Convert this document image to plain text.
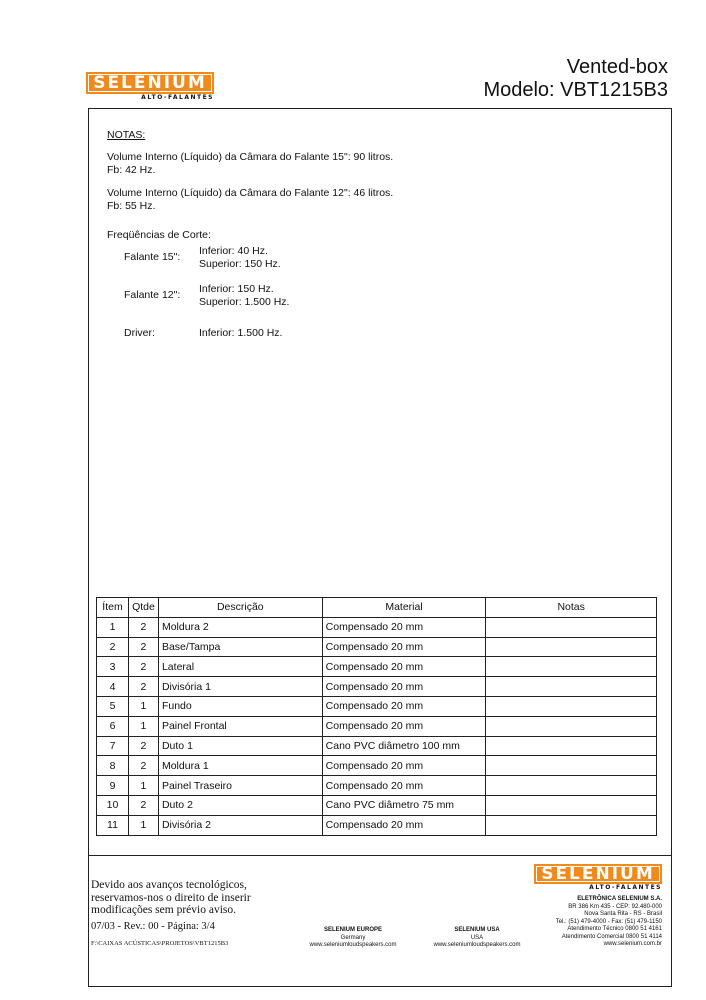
SELENIUM
ALTO-FALANTES
Vented-box
Modelo: VBT1215B3
NOTAS:
Volume Interno (Líquido) da Câmara do Falante 15": 90 litros.
Fb: 42 Hz.
Volume Interno (Líquido) da Câmara do Falante 12": 46 litros.
Fb: 55 Hz.
Freqüências de Corte:
Falante 15": Inferior: 40 Hz.
Superior: 150 Hz.
Falante 12": Inferior: 150 Hz.
Superior: 1.500 Hz.
Driver:	Inferior: 1.500 Hz.
Ítem	Qtde	Descrição	Material	Notas
1	2	Moldura 2	Compensado 20 mm	
2	2	Base/Tampa	Compensado 20 mm	
3	2	Lateral	Compensado 20 mm	
4	2	Divisória 1	Compensado 20 mm	
5	1	Fundo	Compensado 20 mm	
6	1	Painel Frontal	Compensado 20 mm	
7	2	Duto 1	Cano PVC diâmetro 100 mm	
8	2	Moldura 1	Compensado 20 mm	
9	1	Painel Traseiro	Compensado 20 mm	
10	2	Duto 2	Cano PVC diâmetro 75 mm	
11	1	Divisória 2	Compensado 20 mm	
Devido aos avanços tecnológicos,
reservamos-nos o direito de inserir
modificações sem prévio aviso.
07/03 - Rev.: 00 - Página: 3/4
F:\CAIXAS ACÚSTICAS\PROJETOS\VBT1215B3
SELENIUM EUROPE
Germany
www.seleniumloudspeakers.com
SELENIUM USA
USA
www.seleniumloudspeakers.com
SELENIUM
ALTO-FALANTES
ELETRÔNICA SELENIUM S.A.
BR 386 Km 435 - CEP: 92.480-000
Nova Santa Rita - RS - Brasil
Tel.: (51) 479-4000 - Fax: (51) 479-1150
Atendimento Técnico 0800 51 4161
Atendimento Comercial 0800 51 4114
www.selenium.com.br
